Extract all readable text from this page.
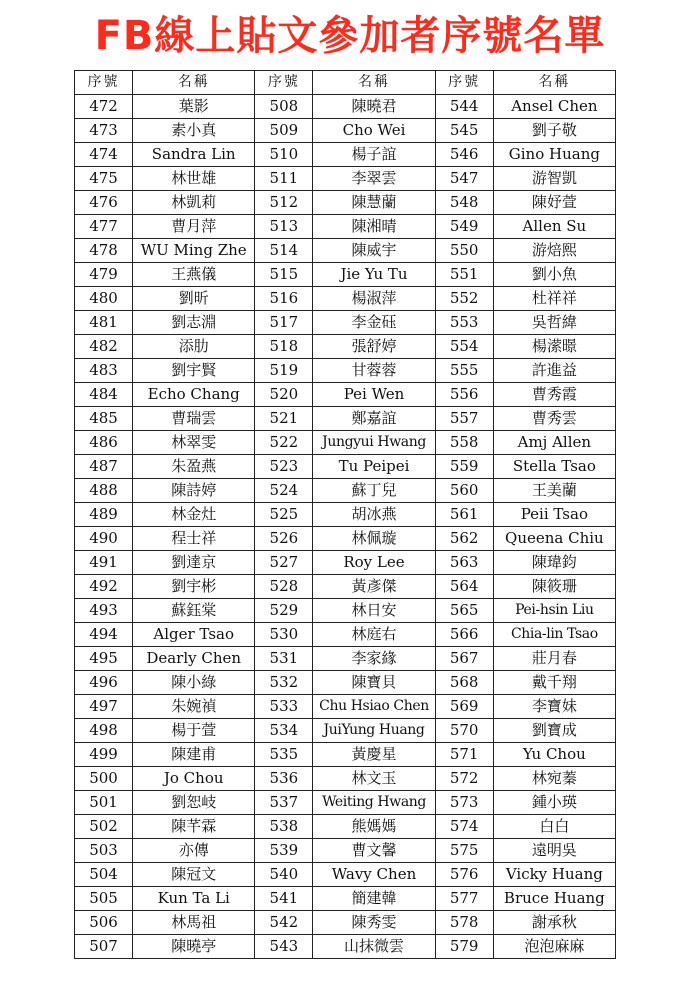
FB線上貼文參加者序號名單
序號	名稱	序號	名稱	序號	名稱
472	葉影	508	陳曉君	544	Ansel Chen
473	素小真	509	Cho Wei	545	劉子敬
474	Sandra Lin	510	楊子誼	546	Gino Huang
475	林世雄	511	李翠雲	547	游智凱
476	林凱莉	512	陳慧蘭	548	陳妤萱
477	曹月萍	513	陳湘晴	549	Allen Su
478	WU Ming Zhe	514	陳威宇	550	游焙熙
479	王燕儀	515	Jie Yu Tu	551	劉小魚
480	劉昕	516	楊淑萍	552	杜祥祥
481	劉志淵	517	李金砡	553	吳哲緯
482	添肋	518	張舒婷	554	楊潆暻
483	劉宇賢	519	甘蓉蓉	555	許進益
484	Echo Chang	520	Pei Wen	556	曹秀霞
485	曹瑞雲	521	鄭嘉誼	557	曹秀雲
486	林翠雯	522	Jungyui Hwang	558	Amj Allen
487	朱盈燕	523	Tu Peipei	559	Stella Tsao
488	陳詩婷	524	蘇丁兒	560	王美蘭
489	林金灶	525	胡冰燕	561	Peii Tsao
490	程士祥	526	林佩璇	562	Queena Chiu
491	劉達京	527	Roy Lee	563	陳瑋鈞
492	劉宇彬	528	黃彥傑	564	陳筱珊
493	蘇鈺棠	529	林日安	565	Pei-hsin Liu
494	Alger Tsao	530	林庭右	566	Chia-lin Tsao
495	Dearly Chen	531	李家緣	567	莊月春
496	陳小綠	532	陳寶貝	568	戴千翔
497	朱婉禎	533	Chu Hsiao Chen	569	李寶妹
498	楊于萱	534	JuiYung Huang	570	劉寶成
499	陳建甫	535	黃慶星	571	Yu Chou
500	Jo Chou	536	林文玉	572	林宛蓁
501	劉恕岐	537	Weiting Hwang	573	鍾小瑛
502	陳芊霖	538	熊媽媽	574	白白
503	亦傳	539	曹文馨	575	遠明吳
504	陳冠文	540	Wavy Chen	576	Vicky Huang
505	Kun Ta Li	541	簡建韓	577	Bruce Huang
506	林馬祖	542	陳秀雯	578	謝承秋
507	陳曉亭	543	山抹微雲	579	泡泡麻麻
